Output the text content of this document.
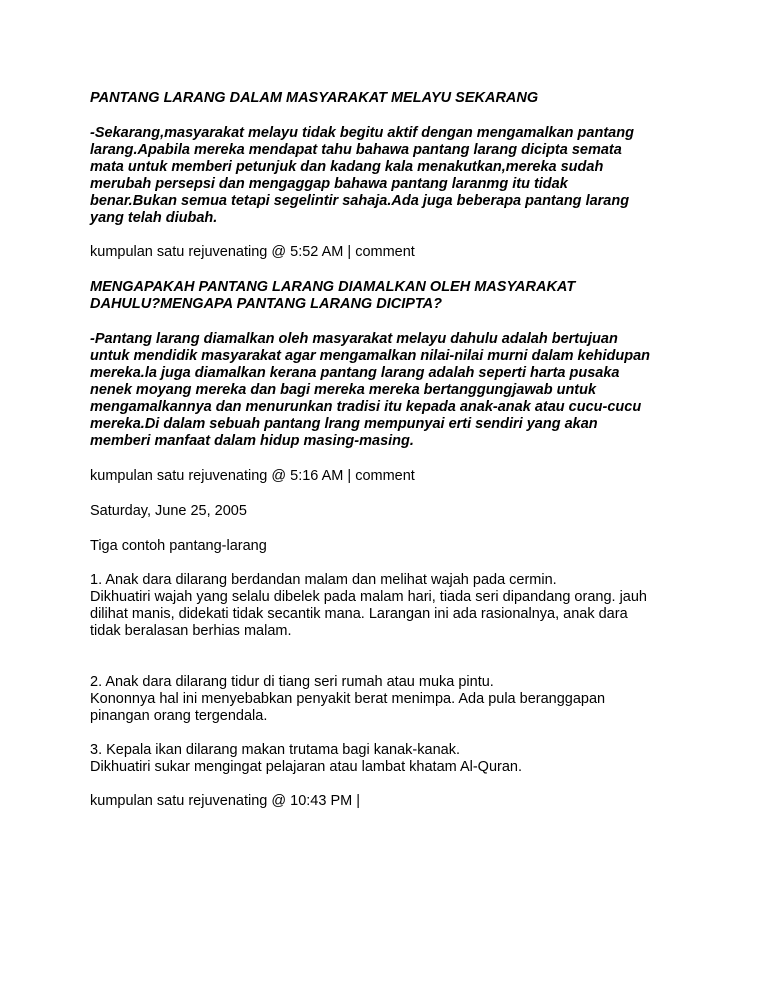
PANTANG LARANG DALAM MASYARAKAT MELAYU SEKARANG

-Sekarang,masyarakat melayu tidak begitu aktif dengan mengamalkan pantang
larang.Apabila mereka mendapat tahu bahawa pantang larang dicipta semata
mata untuk memberi petunjuk dan kadang kala menakutkan,mereka sudah
merubah persepsi dan mengaggap bahawa pantang laranmg itu tidak
benar.Bukan semua tetapi segelintir sahaja.Ada juga beberapa pantang larang
yang telah diubah.

kumpulan satu rejuvenating @ 5:52 AM | comment

MENGAPAKAH PANTANG LARANG DIAMALKAN OLEH MASYARAKAT
DAHULU?MENGAPA PANTANG LARANG DICIPTA?

-Pantang larang diamalkan oleh masyarakat melayu dahulu adalah bertujuan
untuk mendidik masyarakat agar mengamalkan nilai-nilai murni dalam kehidupan
mereka.la juga diamalkan kerana pantang larang adalah seperti harta pusaka
nenek moyang mereka dan bagi mereka mereka bertanggungjawab untuk
mengamalkannya dan menurunkan tradisi itu kepada anak-anak atau cucu-cucu
mereka.Di dalam sebuah pantang lrang mempunyai erti sendiri yang akan
memberi manfaat dalam hidup masing-masing.

kumpulan satu rejuvenating @ 5:16 AM | comment

Saturday, June 25, 2005

Tiga contoh pantang-larang

1. Anak dara dilarang berdandan malam dan melihat wajah pada cermin.
Dikhuatiri wajah yang selalu dibelek pada malam hari, tiada seri dipandang orang. jauh
dilihat manis, didekati tidak secantik mana. Larangan ini ada rasionalnya, anak dara
tidak beralasan berhias malam.

2. Anak dara dilarang tidur di tiang seri rumah atau muka pintu.
Kononnya hal ini menyebabkan penyakit berat menimpa. Ada pula beranggapan
pinangan orang tergendala.

3. Kepala ikan dilarang makan trutama bagi kanak-kanak.
Dikhuatiri sukar mengingat pelajaran atau lambat khatam Al-Quran.

kumpulan satu rejuvenating @ 10:43 PM |
